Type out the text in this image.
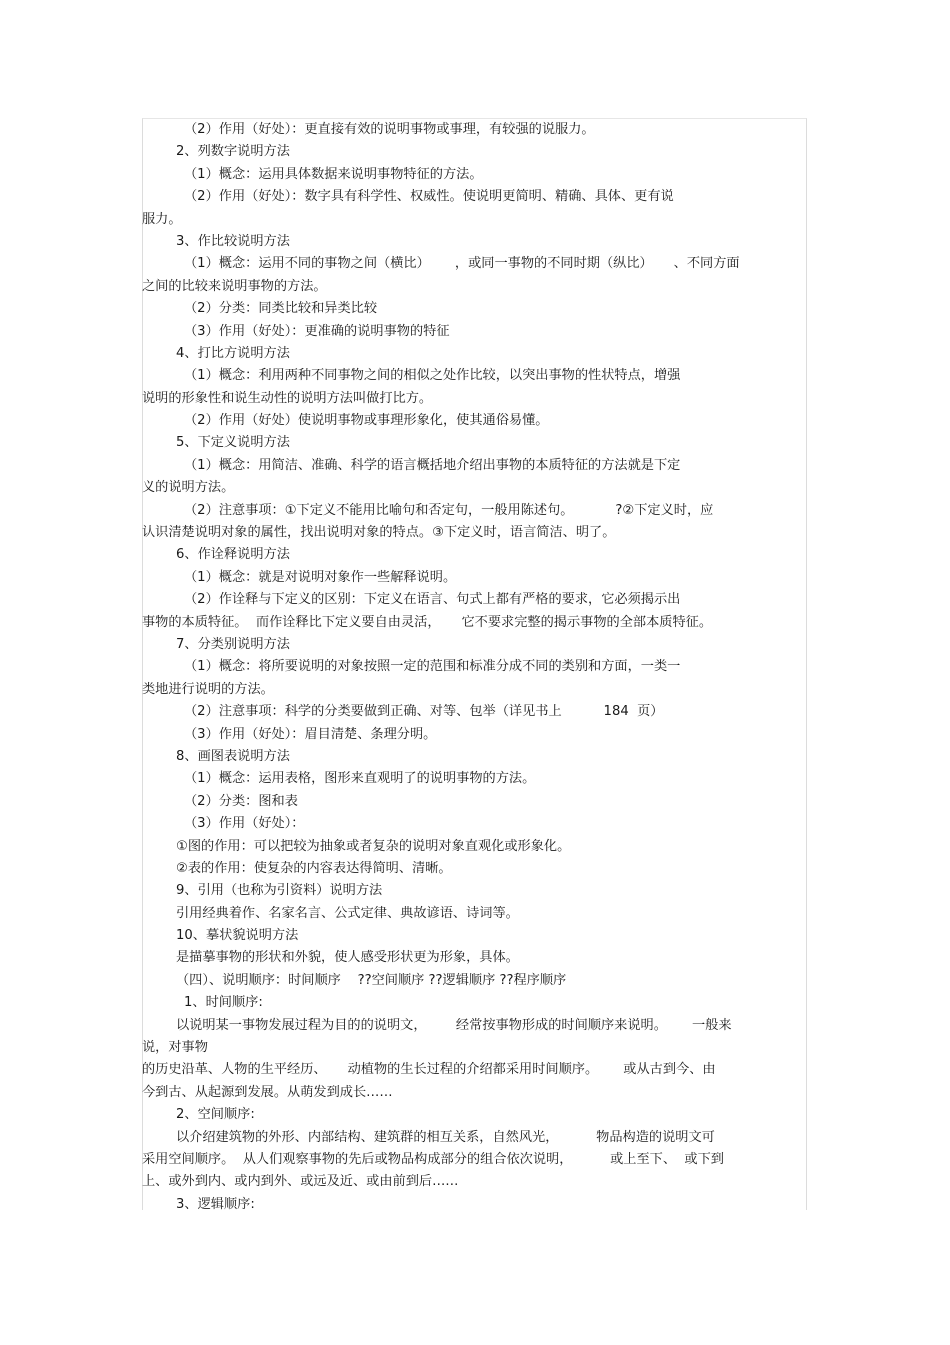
（2）作用（好处）：更直接有效的说明事物或事理，有较强的说服力。
2、列数字说明方法
（1）概念：运用具体数据来说明事物特征的方法。
（2）作用（好处）：数字具有科学性、权威性。使说明更简明、精确、具体、更有说
服力。
3、作比较说明方法
（1）概念：运用不同的事物之间（横比）      ，或同一事物的不同时期（纵比）     、不同方面
之间的比较来说明事物的方法。
（2）分类：同类比较和异类比较
（3）作用（好处）：更准确的说明事物的特征
4、打比方说明方法
（1）概念：利用两种不同事物之间的相似之处作比较，以突出事物的性状特点，增强
说明的形象性和说生动性的说明方法叫做打比方。
（2）作用（好处）使说明事物或事理形象化，使其通俗易懂。
5、下定义说明方法
（1）概念：用简洁、准确、科学的语言概括地介绍出事物的本质特征的方法就是下定
义的说明方法。
（2）注意事项：①下定义不能用比喻句和否定句，一般用陈述句。          ?②下定义时，应
认识清楚说明对象的属性，找出说明对象的特点。③下定义时，语言简洁、明了。
6、作诠释说明方法
（1）概念：就是对说明对象作一些解释说明。
（2）作诠释与下定义的区别：下定义在语言、句式上都有严格的要求，它必须揭示出
事物的本质特征。  而作诠释比下定义要自由灵活，     它不要求完整的揭示事物的全部本质特征。
7、分类别说明方法
（1）概念：将所要说明的对象按照一定的范围和标准分成不同的类别和方面，一类一
类地进行说明的方法。
（2）注意事项：科学的分类要做到正确、对等、包举（详见书上          184  页）
（3）作用（好处）：眉目清楚、条理分明。
8、画图表说明方法
（1）概念：运用表格，图形来直观明了的说明事物的方法。
（2）分类：图和表
（3）作用（好处）：
①图的作用：可以把较为抽象或者复杂的说明对象直观化或形象化。
②表的作用：使复杂的内容表达得简明、清晰。
9、引用（也称为引资料）说明方法
引用经典着作、名家名言、公式定律、典故谚语、诗词等。
10、摹状貌说明方法
是描摹事物的形状和外貌，使人感受形状更为形象，具体。
（四）、说明顺序：时间顺序    ??空间顺序 ??逻辑顺序 ??程序顺序
1、时间顺序:
以说明某一事物发展过程为目的的说明文，       经常按事物形成的时间顺序来说明。      一般来
说，对事物
的历史沿革、人物的生平经历、     动植物的生长过程的介绍都采用时间顺序。      或从古到今、由
今到古、从起源到发展。从萌发到成长……
2、空间顺序:
以介绍建筑物的外形、内部结构、建筑群的相互关系，自然风光，         物品构造的说明文可
采用空间顺序。  从人们观察事物的先后或物品构成部分的组合依次说明，         或上至下、  或下到
上、或外到内、或内到外、或远及近、或由前到后……
3、逻辑顺序:
